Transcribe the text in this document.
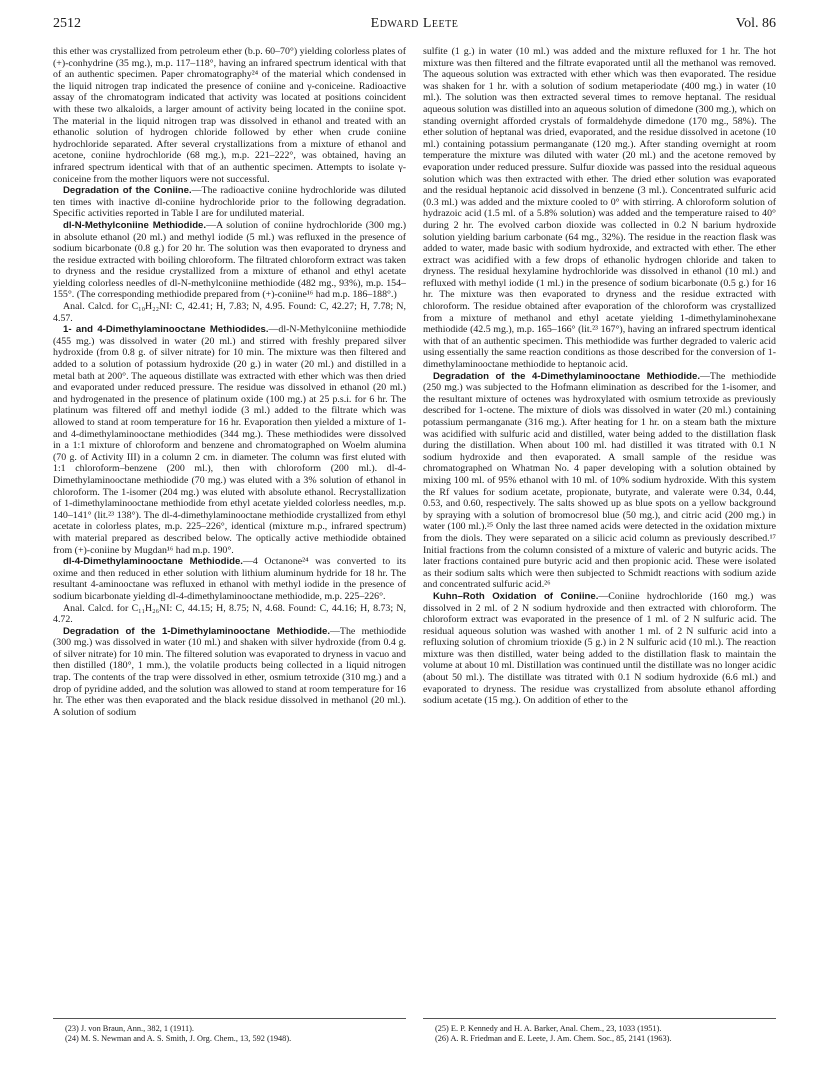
2512	Edward Leete	Vol. 86

this ether was crystallized from petroleum ether (b.p. 60–70°) yielding colorless plates of (+)-conhydrine (35 mg.), m.p. 117–118°, having an infrared spectrum identical with that of an authentic specimen. Paper chromatography²⁴ of the material which condensed in the liquid nitrogen trap indicated the presence of coniine and γ-coniceine. Radioactive assay of the chromatogram indicated that activity was located at positions coincident with these two alkaloids, a larger amount of activity being located in the coniine spot. The material in the liquid nitrogen trap was dissolved in ethanol and treated with an ethanolic solution of hydrogen chloride followed by ether when crude coniine hydrochloride separated. After several crystallizations from a mixture of ethanol and acetone, coniine hydrochloride (68 mg.), m.p. 221–222°, was obtained, having an infrared spectrum identical with that of an authentic specimen. Attempts to isolate γ-coniceine from the mother liquors were not successful.

Degradation of the Coniine.—The radioactive coniine hydrochloride was diluted ten times with inactive dl-coniine hydrochloride prior to the following degradation. Specific activities reported in Table I are for undiluted material.

dl-N-Methylconiine Methiodide.—A solution of coniine hydrochloride (300 mg.) in absolute ethanol (20 ml.) and methyl iodide (5 ml.) was refluxed in the presence of sodium bicarbonate (0.8 g.) for 20 hr. The solution was then evaporated to dryness and the residue extracted with boiling chloroform. The filtrated chloroform extract was taken to dryness and the residue crystallized from a mixture of ethanol and ethyl acetate yielding colorless needles of dl-N-methylconiine methiodide (482 mg., 93%), m.p. 154–155°. (The corresponding methiodide prepared from (+)-coniine¹⁶ had m.p. 186–188°.)

Anal. Calcd. for C₁₀H₂₂NI: C, 42.41; H, 7.83; N, 4.95. Found: C, 42.27; H, 7.78; N, 4.57.

1- and 4-Dimethylaminooctane Methiodides.—dl-N-Methylconiine methiodide (455 mg.) was dissolved in water (20 ml.) and stirred with freshly prepared silver hydroxide (from 0.8 g. of silver nitrate) for 10 min. The mixture was then filtered and added to a solution of potassium hydroxide (20 g.) in water (20 ml.) and distilled in a metal bath at 200°. The aqueous distillate was extracted with ether which was then dried and evaporated under reduced pressure. The residue was dissolved in ethanol (20 ml.) and hydrogenated in the presence of platinum oxide (100 mg.) at 25 p.s.i. for 6 hr. The platinum was filtered off and methyl iodide (3 ml.) added to the filtrate which was allowed to stand at room temperature for 16 hr. Evaporation then yielded a mixture of 1- and 4-dimethylaminooctane methiodides (344 mg.). These methiodides were dissolved in a 1:1 mixture of chloroform and benzene and chromatographed on Woelm alumina (70 g. of Activity III) in a column 2 cm. in diameter. The column was first eluted with 1:1 chloroform–benzene (200 ml.), then with chloroform (200 ml.). dl-4-Dimethylaminooctane methiodide (70 mg.) was eluted with a 3% solution of ethanol in chloroform. The 1-isomer (204 mg.) was eluted with absolute ethanol. Recrystallization of 1-dimethylaminooctane methiodide from ethyl acetate yielded colorless needles, m.p. 140–141° (lit.²³ 138°). The dl-4-dimethylaminooctane methiodide crystallized from ethyl acetate in colorless plates, m.p. 225–226°, identical (mixture m.p., infrared spectrum) with material prepared as described below. The optically active methiodide obtained from (+)-coniine by Mugdan¹⁶ had m.p. 190°.

dl-4-Dimethylaminooctane Methiodide.—4 Octanone²⁴ was converted to its oxime and then reduced in ether solution with lithium aluminum hydride for 18 hr. The resultant 4-aminooctane was refluxed in ethanol with methyl iodide in the presence of sodium bicarbonate yielding dl-4-dimethylaminooctane methiodide, m.p. 225–226°.

Anal. Calcd. for C₁₁H₂₆NI: C, 44.15; H, 8.75; N, 4.68. Found: C, 44.16; H, 8.73; N, 4.72.

Degradation of the 1-Dimethylaminooctane Methiodide.—The methiodide (300 mg.) was dissolved in water (10 ml.) and shaken with silver hydroxide (from 0.4 g. of silver nitrate) for 10 min. The filtered solution was evaporated to dryness in vacuo and then distilled (180°, 1 mm.), the volatile products being collected in a liquid nitrogen trap. The contents of the trap were dissolved in ether, osmium tetroxide (310 mg.) and a drop of pyridine added, and the solution was allowed to stand at room temperature for 16 hr. The ether was then evaporated and the black residue dissolved in methanol (20 ml.). A solution of sodium

sulfite (1 g.) in water (10 ml.) was added and the mixture refluxed for 1 hr. The hot mixture was then filtered and the filtrate evaporated until all the methanol was removed. The aqueous solution was extracted with ether which was then evaporated. The residue was shaken for 1 hr. with a solution of sodium metaperiodate (400 mg.) in water (10 ml.). The solution was then extracted several times to remove heptanal. The residual aqueous solution was distilled into an aqueous solution of dimedone (300 mg.), which on standing overnight afforded crystals of formaldehyde dimedone (170 mg., 58%). The ether solution of heptanal was dried, evaporated, and the residue dissolved in acetone (10 ml.) containing potassium permanganate (120 mg.). After standing overnight at room temperature the mixture was diluted with water (20 ml.) and the acetone removed by evaporation under reduced pressure. Sulfur dioxide was passed into the residual aqueous solution which was then extracted with ether. The dried ether solution was evaporated and the residual heptanoic acid dissolved in benzene (3 ml.). Concentrated sulfuric acid (0.3 ml.) was added and the mixture cooled to 0° with stirring. A chloroform solution of hydrazoic acid (1.5 ml. of a 5.8% solution) was added and the temperature raised to 40° during 2 hr. The evolved carbon dioxide was collected in 0.2 N barium hydroxide solution yielding barium carbonate (64 mg., 32%). The residue in the reaction flask was added to water, made basic with sodium hydroxide, and extracted with ether. The ether extract was acidified with a few drops of ethanolic hydrogen chloride and taken to dryness. The residual hexylamine hydrochloride was dissolved in ethanol (10 ml.) and refluxed with methyl iodide (1 ml.) in the presence of sodium bicarbonate (0.5 g.) for 16 hr. The mixture was then evaporated to dryness and the residue extracted with chloroform. The residue obtained after evaporation of the chloroform was crystallized from a mixture of methanol and ethyl acetate yielding 1-dimethylaminohexane methiodide (42.5 mg.), m.p. 165–166° (lit.²³ 167°), having an infrared spectrum identical with that of an authentic specimen. This methiodide was further degraded to valeric acid using essentially the same reaction conditions as those described for the conversion of 1-dimethylaminooctane methiodide to heptanoic acid.

Degradation of the 4-Dimethylaminooctane Methiodide.—The methiodide (250 mg.) was subjected to the Hofmann elimination as described for the 1-isomer, and the resultant mixture of octenes was hydroxylated with osmium tetroxide as previously described for 1-octene. The mixture of diols was dissolved in water (20 ml.) containing potassium permanganate (316 mg.). After heating for 1 hr. on a steam bath the mixture was acidified with sulfuric acid and distilled, water being added to the distillation flask during the distillation. When about 100 ml. had distilled it was titrated with 0.1 N sodium hydroxide and then evaporated. A small sample of the residue was chromatographed on Whatman No. 4 paper developing with a solution obtained by mixing 100 ml. of 95% ethanol with 10 ml. of 10% sodium hydroxide. With this system the Rf values for sodium acetate, propionate, butyrate, and valerate were 0.34, 0.44, 0.53, and 0.60, respectively. The salts showed up as blue spots on a yellow background by spraying with a solution of bromocresol blue (50 mg.), and citric acid (200 mg.) in water (100 ml.).²⁵ Only the last three named acids were detected in the oxidation mixture from the diols. They were separated on a silicic acid column as previously described.¹⁷ Initial fractions from the column consisted of a mixture of valeric and butyric acids. The later fractions contained pure butyric acid and then propionic acid. These were isolated as their sodium salts which were then subjected to Schmidt reactions with sodium azide and concentrated sulfuric acid.²⁶

Kuhn–Roth Oxidation of Coniine.—Coniine hydrochloride (160 mg.) was dissolved in 2 ml. of 2 N sodium hydroxide and then extracted with chloroform. The chloroform extract was evaporated in the presence of 1 ml. of 2 N sulfuric acid. The residual aqueous solution was washed with another 1 ml. of 2 N sulfuric acid into a refluxing solution of chromium trioxide (5 g.) in 2 N sulfuric acid (10 ml.). The reaction mixture was then distilled, water being added to the distillation flask to maintain the volume at about 10 ml. Distillation was continued until the distillate was no longer acidic (about 50 ml.). The distillate was titrated with 0.1 N sodium hydroxide (6.6 ml.) and evaporated to dryness. The residue was crystallized from absolute ethanol affording sodium acetate (15 mg.). On addition of ether to the

(23) J. von Braun, Ann., 382, 1 (1911).
(24) M. S. Newman and A. S. Smith, J. Org. Chem., 13, 592 (1948).
(25) E. P. Kennedy and H. A. Barker, Anal. Chem., 23, 1033 (1951).
(26) A. R. Friedman and E. Leete, J. Am. Chem. Soc., 85, 2141 (1963).
